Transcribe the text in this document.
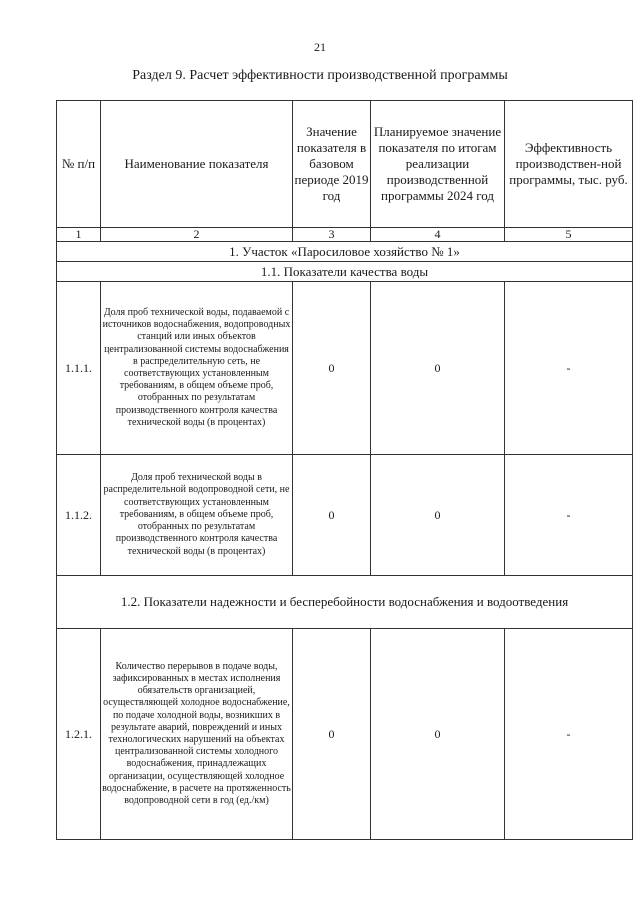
21
Раздел 9. Расчет эффективности производственной программы
№ п/п	Наименование показателя	Значение показателя в базовом периоде 2019 год	Планируемое значение показателя по итогам реализации производственной программы 2024 год	Эффективность производствен-ной программы, тыс. руб.
1	2	3	4	5
1. Участок «Паросиловое хозяйство № 1»				
1.1. Показатели качества воды				
1.1.1.	Доля проб технической воды, подаваемой с источников водоснабжения, водопроводных станций или иных объектов централизованной системы водоснабжения в распределительную сеть, не соответствующих установленным требованиям, в общем объеме проб, отобранных по результатам производственного контроля качества технической воды (в процентах)	0	0	-
1.1.2.	Доля проб технической воды в распределительной водопроводной сети, не соответствующих установленным требованиям, в общем объеме проб, отобранных по результатам производственного контроля качества технической воды (в процентах)	0	0	-
1.2. Показатели надежности и бесперебойности водоснабжения и водоотведения				
1.2.1.	Количество перерывов в подаче воды, зафиксированных в местах исполнения обязательств организацией, осуществляющей холодное водоснабжение, по подаче холодной воды, возникших в результате аварий, повреждений и иных технологических нарушений на объектах централизованной системы холодного водоснабжения, принадлежащих организации, осуществляющей холодное водоснабжение, в расчете на протяженность водопроводной сети в год (ед./км)	0	0	-
